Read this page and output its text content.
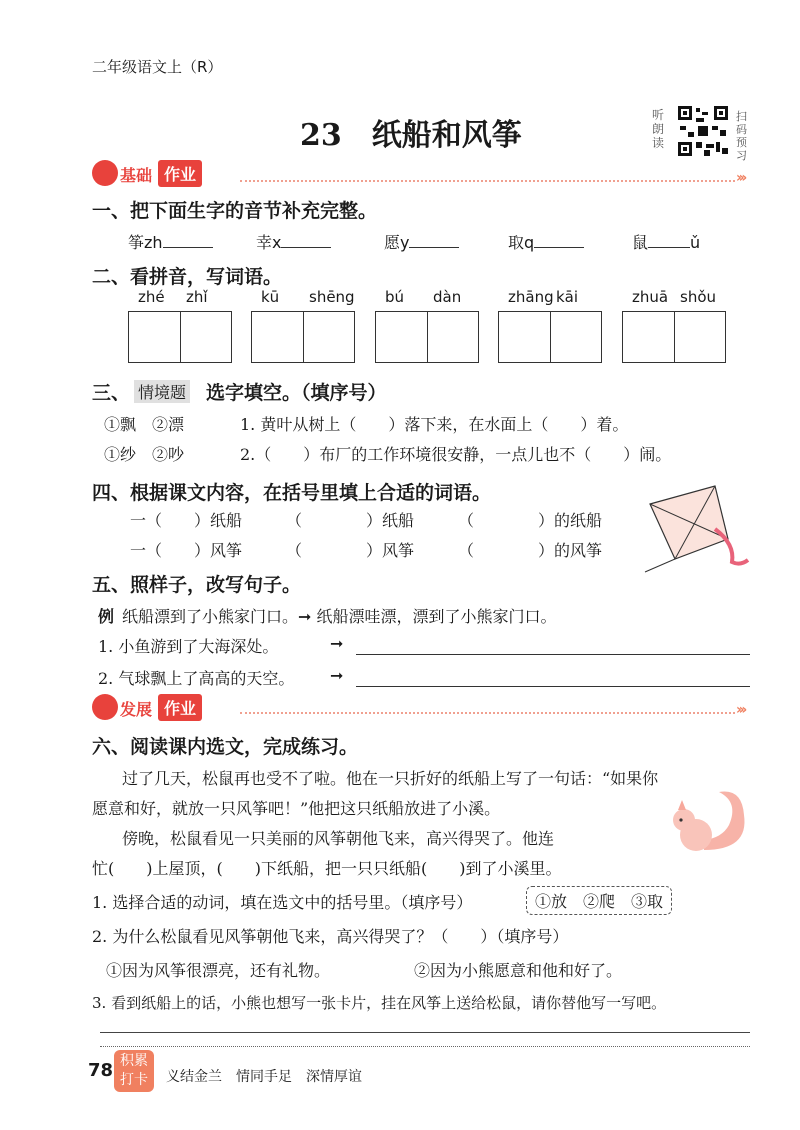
二年级语文上（R）
23　纸船和风筝
听朗读
扫码预习
›››
基础 作业
一、把下面生字的音节补充完整。
筝zh	幸x	愿y	取q	鼠	ǔ
二、看拼音，写词语。
zhé zhǐ	kū shēng bú dàn	zhāng kāi	zhuā shǒu
三、 情境题 选字填空。（填序号）
①飘　②漂	1. 黄叶从树上（　　）落下来，在水面上（　　）着。
①纱　②吵	2.（　　）布厂的工作环境很安静，一点儿也不（　　）闹。
四、根据课文内容，在括号里填上合适的词语。
一（　　）纸船	（　　　　）纸船	（　　　　）的纸船
一（　　）风筝	（　　　　）风筝	（　　　　）的风筝
五、照样子，改写句子。
例 纸船漂到了小熊家门口。➞ 纸船漂哇漂，漂到了小熊家门口。
1. 小鱼游到了大海深处。	➞
2. 气球飘上了高高的天空。 ➞
发展 作业	›››
六、阅读课内选文，完成练习。
过了几天，松鼠再也受不了啦。他在一只折好的纸船上写了一句话：“如果你
愿意和好，就放一只风筝吧！”他把这只纸船放进了小溪。
傍晚，松鼠看见一只美丽的风筝朝他飞来，高兴得哭了。他连
忙(　　)上屋顶，(　　)下纸船，把一只只纸船(　　)到了小溪里。
1. 选择合适的动词，填在选文中的括号里。（填序号）	①放　②爬　③取
2. 为什么松鼠看见风筝朝他飞来，高兴得哭了？（　　）（填序号）
①因为风筝很漂亮，还有礼物。	②因为小熊愿意和他和好了。
3. 看到纸船上的话，小熊也想写一张卡片，挂在风筝上送给松鼠，请你替他写一写吧。
78 积累
打卡	义结金兰　情同手足　深情厚谊
